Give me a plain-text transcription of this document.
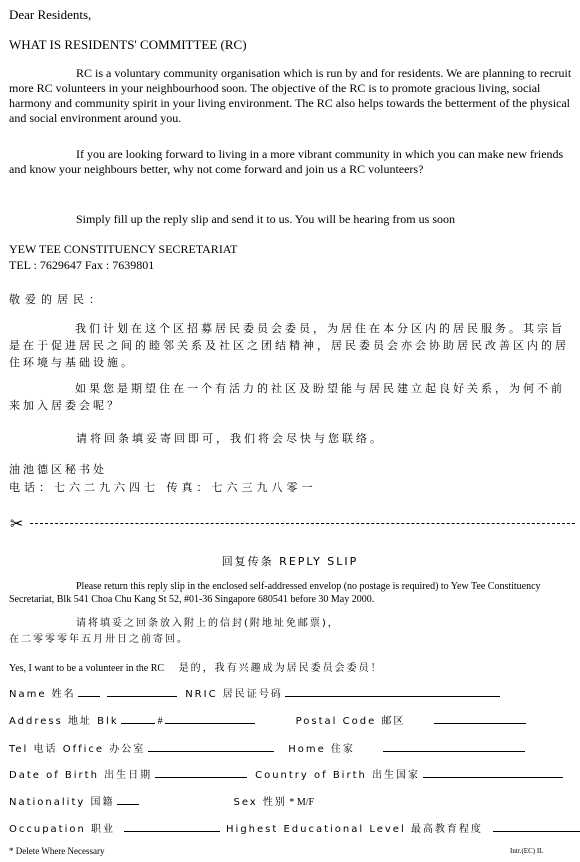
Dear Residents,
WHAT IS RESIDENTS' COMMITTEE (RC)
RC is a voluntary community organisation which is run by and for residents. We are planning to recruit more RC volunteers in your neighbourhood soon. The objective of the RC is to promote gracious living, social harmony and community spirit in your living environment. The RC also helps towards the betterment of the physical and social environment around you.
If you are looking forward to living in a more vibrant community in which you can make new friends and know your neighbours better, why not come forward and join us a RC volunteers?
Simply fill up the reply slip and send it to us. You will be hearing from us soon
YEW TEE CONSTITUENCY SECRETARIAT
TEL : 7629647 Fax : 7639801
敬爱的居民：
我们计划在这个区招募居民委员会委员，为居住在本分区内的居民服务。其宗旨是在于促进居民之间的睦邻关系及社区之团结精神，居民委员会亦会协助居民改善区内的居住环境与基础设施。
如果您是期望住在一个有活力的社区及盼望能与居民建立起良好关系，为何不前来加入居委会呢？
请将回条填妥寄回即可，我们将会尽快与您联络。
油池德区秘书处
电话：七六二九六四七 传真：七六三九八零一
✂
回复传条 REPLY SLIP
Please return this reply slip in the enclosed self-addressed envelop (no postage is required) to Yew Tee Constituency Secretariat, Blk 541 Choa Chu Kang St 52, #01-36 Singapore 680541 before 30 May 2000.
请将填妥之回条放入附上的信封(附地址免邮票)，
在二零零零年五月卅日之前寄回。
Yes, I want to be a volunteer in the RC 是的，我有兴趣成为居民委员会委员！
Name 姓名	NRIC 居民证号码
Address 地址 Blk	#	Postal Code 邮区
Tel 电话 Office 办公室	Home 住家
Date of Birth 出生日期	Country of Birth 出生国家
Nationality 国籍	Sex 性别 * M/F
Occupation 职业	Highest Educational Level 最高教育程度
* Delete Where Necessary	Intr.(EC) IL
